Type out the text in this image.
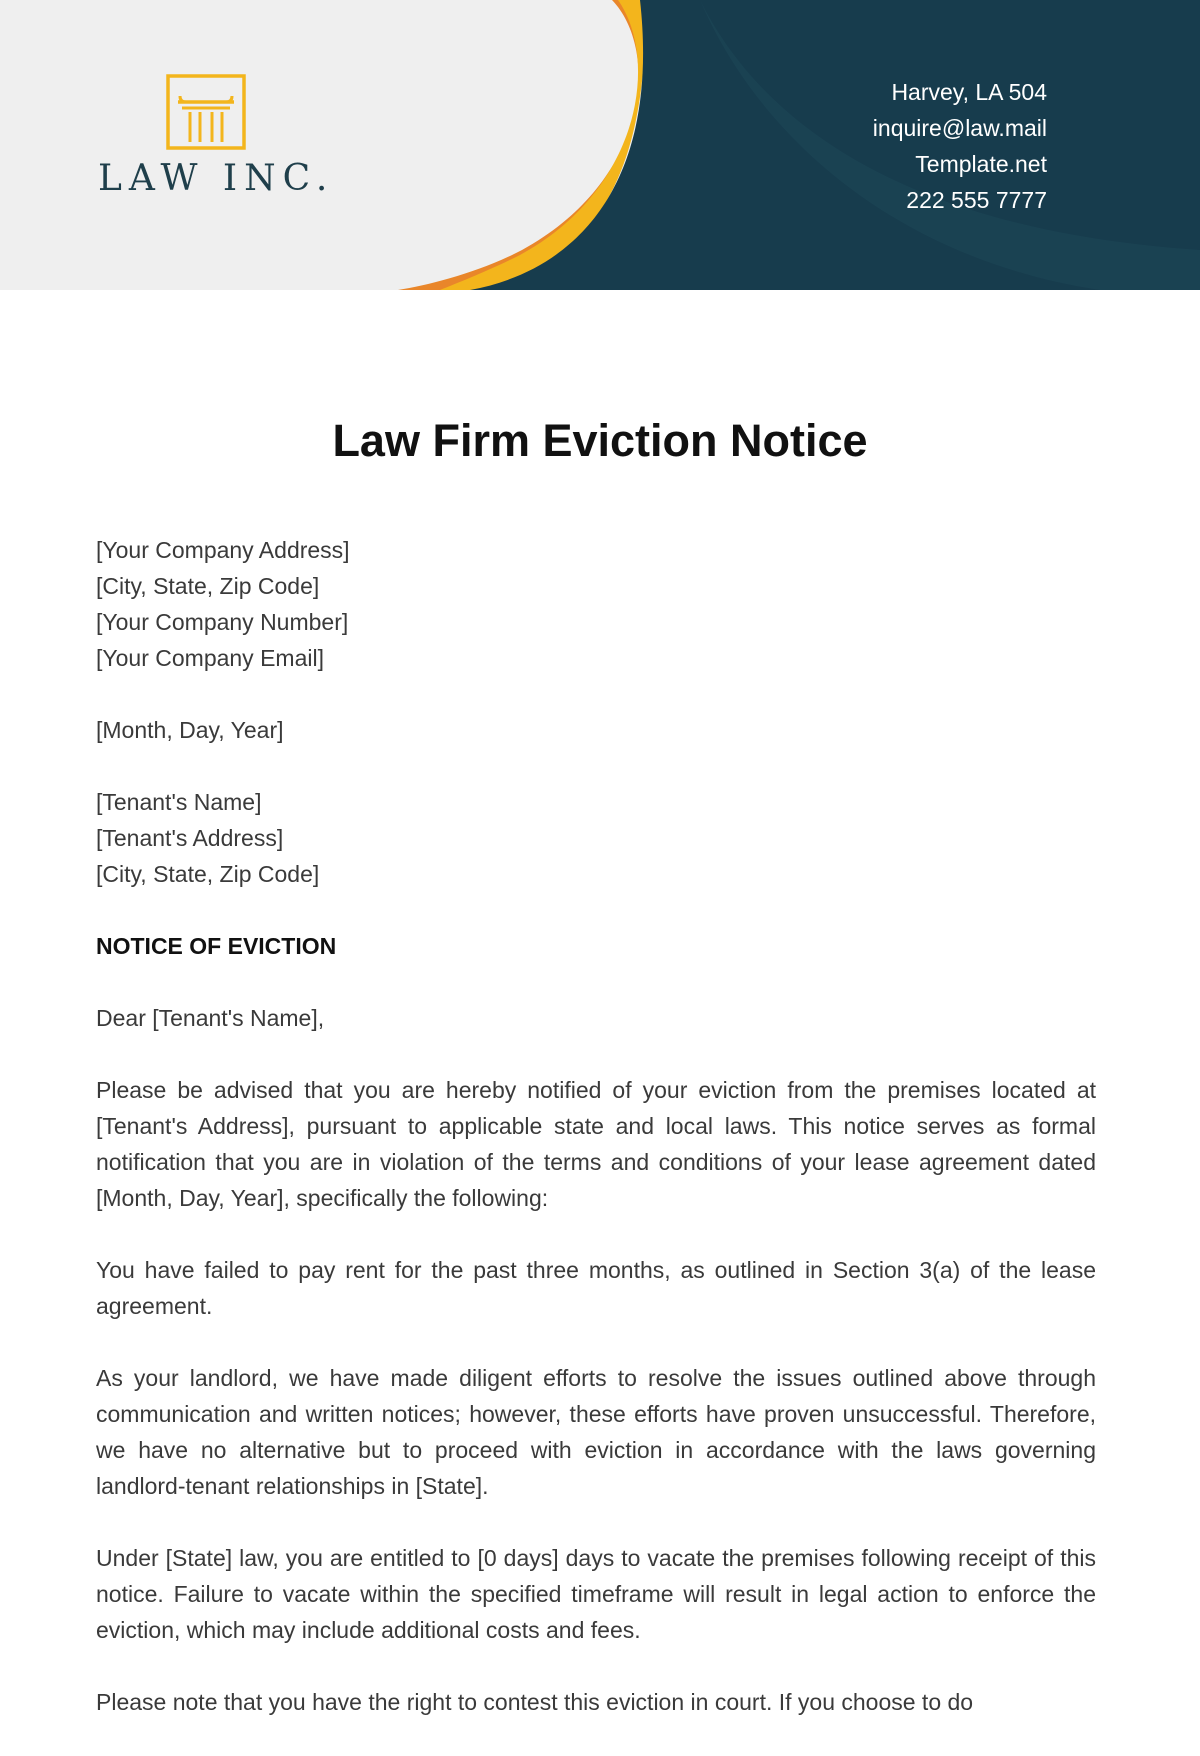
LAW INC.
Harvey, LA 504
inquire@law.mail
Template.net
222 555 7777
Law Firm Eviction Notice

[Your Company Address]
[City, State, Zip Code]
[Your Company Number]
[Your Company Email]

[Month, Day, Year]

[Tenant's Name]
[Tenant's Address]
[City, State, Zip Code]

NOTICE OF EVICTION

Dear [Tenant's Name],

Please be advised that you are hereby notified of your eviction from the premises located at [Tenant's Address], pursuant to applicable state and local laws. This notice serves as formal notification that you are in violation of the terms and conditions of your lease agreement dated [Month, Day, Year], specifically the following:

You have failed to pay rent for the past three months, as outlined in Section 3(a) of the lease agreement.

As your landlord, we have made diligent efforts to resolve the issues outlined above through communication and written notices; however, these efforts have proven unsuccessful. Therefore, we have no alternative but to proceed with eviction in accordance with the laws governing landlord-tenant relationships in [State].

Under [State] law, you are entitled to [0 days] days to vacate the premises following receipt of this notice. Failure to vacate within the specified timeframe will result in legal action to enforce the eviction, which may include additional costs and fees.

Please note that you have the right to contest this eviction in court. If you choose to do
